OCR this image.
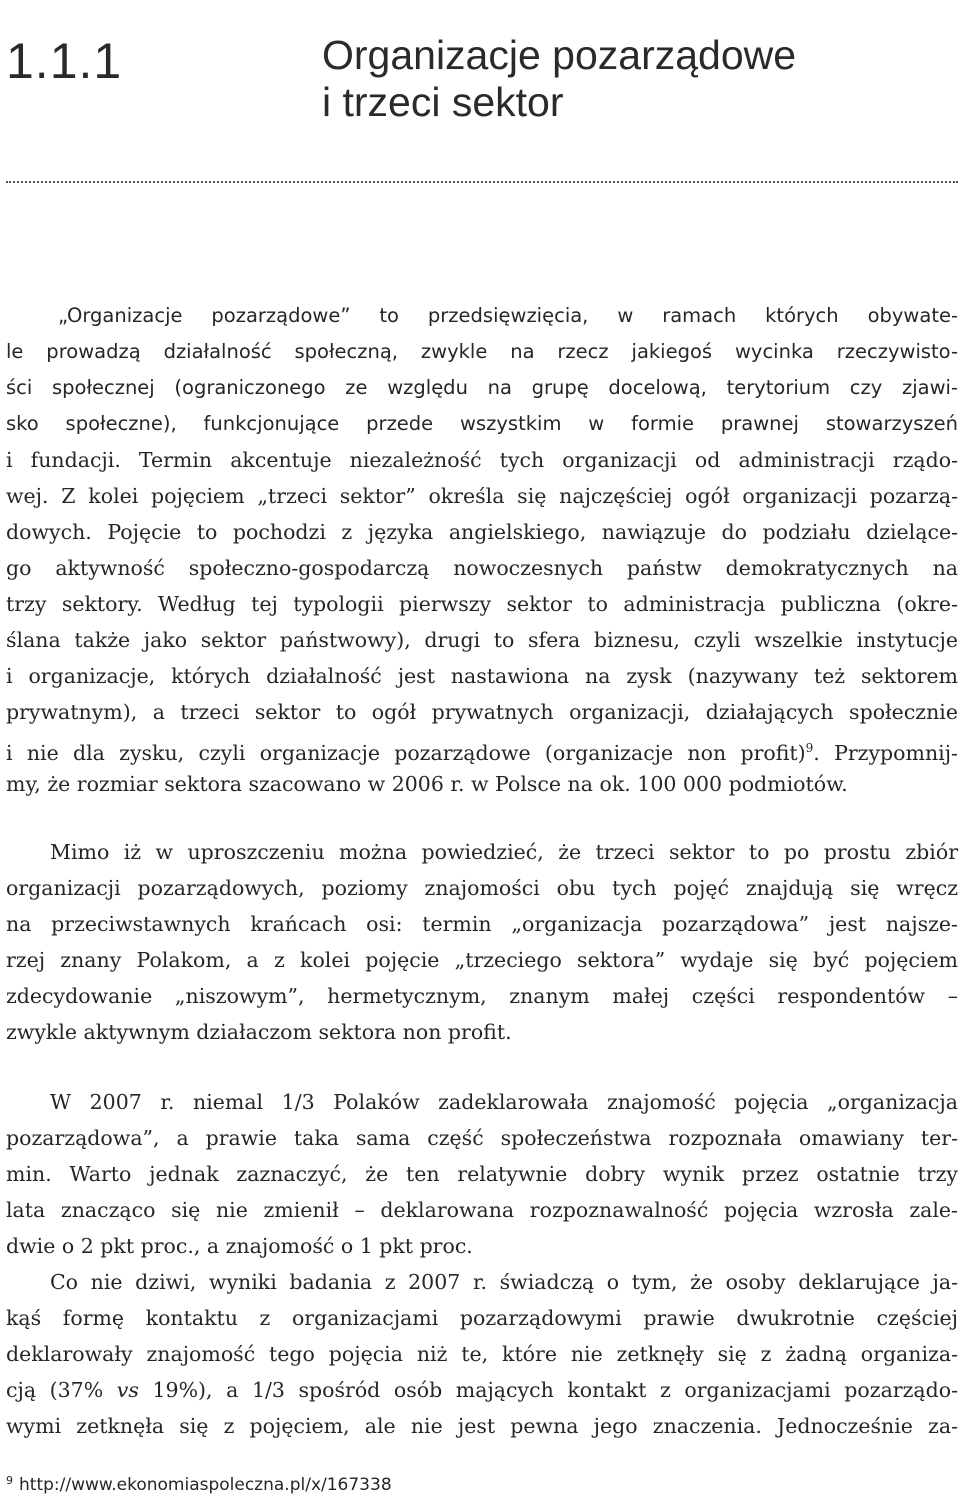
1.1.1	Organizacje pozarządowe
i trzeci sektor
„Organizacje pozarządowe” to przedsięwzięcia, w ramach których obywate-
le prowadzą działalność społeczną, zwykle na rzecz jakiegoś wycinka rzeczywisto-
ści społecznej (ograniczonego ze względu na grupę docelową, terytorium czy zjawi-
sko społeczne), funkcjonujące przede wszystkim w formie prawnej stowarzyszeń
i fundacji. Termin akcentuje niezależność tych organizacji od administracji rządo-
wej. Z kolei pojęciem „trzeci sektor” określa się najczęściej ogół organizacji pozarzą-
dowych. Pojęcie to pochodzi z języka angielskiego, nawiązuje do podziału dzielące-
go aktywność społeczno-gospodarczą nowoczesnych państw demokratycznych na
trzy sektory. Według tej typologii pierwszy sektor to administracja publiczna (okre-
ślana także jako sektor państwowy), drugi to sfera biznesu, czyli wszelkie instytucje
i organizacje, których działalność jest nastawiona na zysk (nazywany też sektorem
prywatnym), a trzeci sektor to ogół prywatnych organizacji, działających społecznie
i nie dla zysku, czyli organizacje pozarządowe (organizacje non profit)$^9$. Przypomnij-
my, że rozmiar sektora szacowano w 2006 r. w Polsce na ok. 100 000 podmiotów.
Mimo iż w uproszczeniu można powiedzieć, że trzeci sektor to po prostu zbiór
organizacji pozarządowych, poziomy znajomości obu tych pojęć znajdują się wręcz
na przeciwstawnych krańcach osi: termin „organizacja pozarządowa” jest najsze-
rzej znany Polakom, a z kolei pojęcie „trzeciego sektora” wydaje się być pojęciem
zdecydowanie „niszowym”, hermetycznym, znanym małej części respondentów –
zwykle aktywnym działaczom sektora non profit.
W 2007 r. niemal 1/3 Polaków zadeklarowała znajomość pojęcia „organizacja
pozarządowa”, a prawie taka sama część społeczeństwa rozpoznała omawiany ter-
min. Warto jednak zaznaczyć, że ten relatywnie dobry wynik przez ostatnie trzy
lata znacząco się nie zmienił – deklarowana rozpoznawalność pojęcia wzrosła zale-
dwie o 2 pkt proc., a znajomość o 1 pkt proc.
Co nie dziwi, wyniki badania z 2007 r. świadczą o tym, że osoby deklarujące ja-
kąś formę kontaktu z organizacjami pozarządowymi prawie dwukrotnie częściej
deklarowały znajomość tego pojęcia niż te, które nie zetknęły się z żadną organiza-
cją (37% vs 19%), a 1/3 spośród osób mających kontakt z organizacjami pozarządo-
wymi zetknęła się z pojęciem, ale nie jest pewna jego znaczenia. Jednocześnie za-
$^9$ http://www.ekonomiaspoleczna.pl/x/167338
